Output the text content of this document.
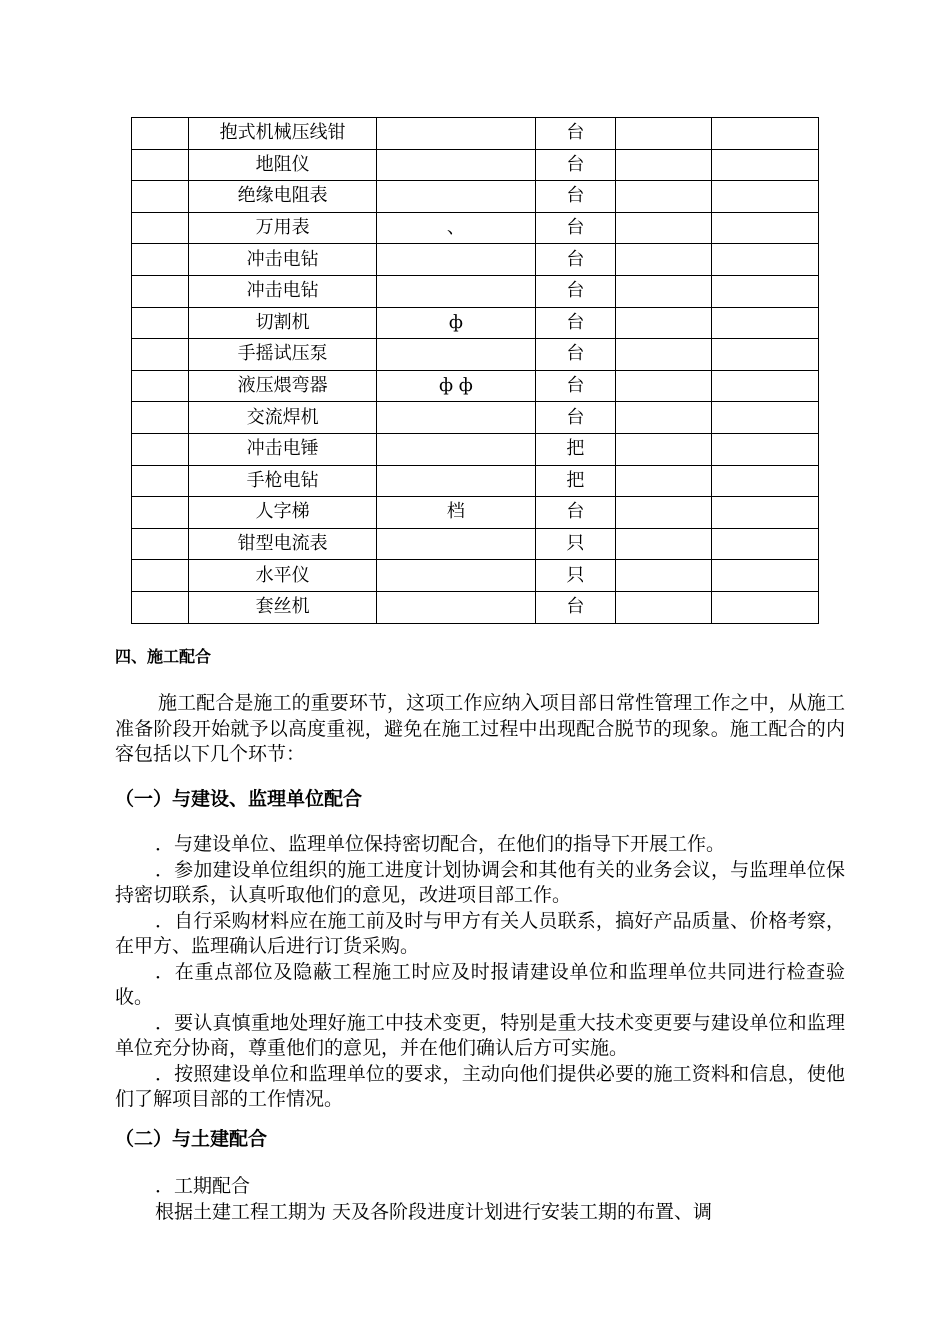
	抱式机械压线钳		台		
	地阻仪		台		
	绝缘电阻表		台		
	万用表	、	台		
	冲击电钻		台		
	冲击电钻		台		
	切割机	ф	台		
	手摇试压泵		台		
	液压煨弯器	ф ф	台		
	交流焊机		台		
	冲击电锤		把		
	手枪电钻		把		
	人字梯	档	台		
	钳型电流表		只		
	水平仪		只		
	套丝机		台		
四、施工配合

施工配合是施工的重要环节，这项工作应纳入项目部日常性管理工作之中，从施工准备阶段开始就予以高度重视，避免在施工过程中出现配合脱节的现象。施工配合的内容包括以下几个环节：

（一）与建设、监理单位配合

．与建设单位、监理单位保持密切配合，在他们的指导下开展工作。

．参加建设单位组织的施工进度计划协调会和其他有关的业务会议，与监理单位保持密切联系，认真听取他们的意见，改进项目部工作。

．自行采购材料应在施工前及时与甲方有关人员联系，搞好产品质量、价格考察，在甲方、监理确认后进行订货采购。

．在重点部位及隐蔽工程施工时应及时报请建设单位和监理单位共同进行检查验收。

．要认真慎重地处理好施工中技术变更，特别是重大技术变更要与建设单位和监理单位充分协商，尊重他们的意见，并在他们确认后方可实施。

．按照建设单位和监理单位的要求，主动向他们提供必要的施工资料和信息，使他们了解项目部的工作情况。

（二）与土建配合

．工期配合

根据土建工程工期为 天及各阶段进度计划进行安装工期的布置、调
